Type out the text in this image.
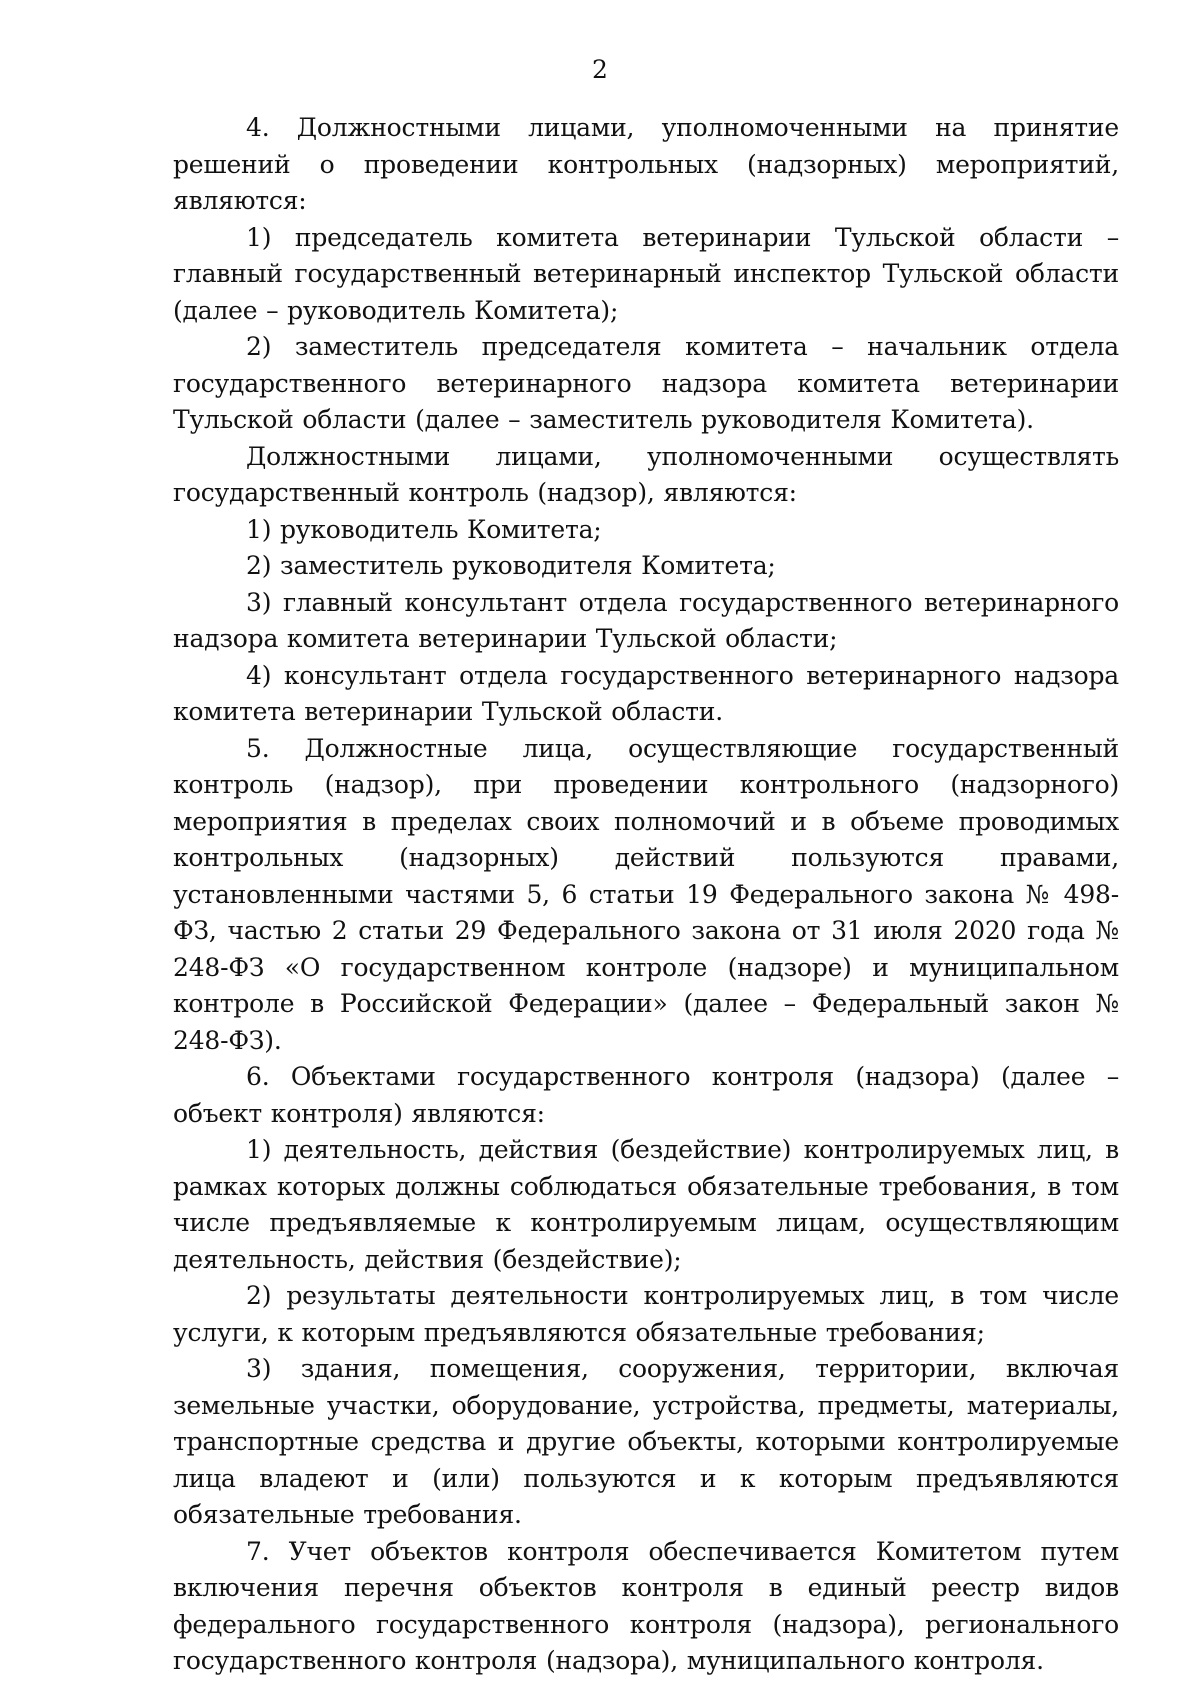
2

4. Должностными лицами, уполномоченными на принятие решений о проведении контрольных (надзорных) мероприятий, являются:

1) председатель комитета ветеринарии Тульской области – главный государственный ветеринарный инспектор Тульской области (далее – руководитель Комитета);

2) заместитель председателя комитета – начальник отдела государственного ветеринарного надзора комитета ветеринарии Тульской области (далее – заместитель руководителя Комитета).

Должностными лицами, уполномоченными осуществлять государственный контроль (надзор), являются:

1) руководитель Комитета;

2) заместитель руководителя Комитета;

3) главный консультант отдела государственного ветеринарного надзора комитета ветеринарии Тульской области;

4) консультант отдела государственного ветеринарного надзора комитета ветеринарии Тульской области.

5. Должностные лица, осуществляющие государственный контроль (надзор), при проведении контрольного (надзорного) мероприятия в пределах своих полномочий и в объеме проводимых контрольных (надзорных) действий пользуются правами, установленными частями 5, 6 статьи 19 Федерального закона № 498-ФЗ, частью 2 статьи 29 Федерального закона от 31 июля 2020 года № 248-ФЗ «О государственном контроле (надзоре) и муниципальном контроле в Российской Федерации» (далее – Федеральный закон № 248-ФЗ).

6. Объектами государственного контроля (надзора) (далее – объект контроля) являются:

1) деятельность, действия (бездействие) контролируемых лиц, в рамках которых должны соблюдаться обязательные требования, в том числе предъявляемые к контролируемым лицам, осуществляющим деятельность, действия (бездействие);

2) результаты деятельности контролируемых лиц, в том числе услуги, к которым предъявляются обязательные требования;

3) здания, помещения, сооружения, территории, включая земельные участки, оборудование, устройства, предметы, материалы, транспортные средства и другие объекты, которыми контролируемые лица владеют и (или) пользуются и к которым предъявляются обязательные требования.

7. Учет объектов контроля обеспечивается Комитетом путем включения перечня объектов контроля в единый реестр видов федерального государственного контроля (надзора), регионального государственного контроля (надзора), муниципального контроля.
